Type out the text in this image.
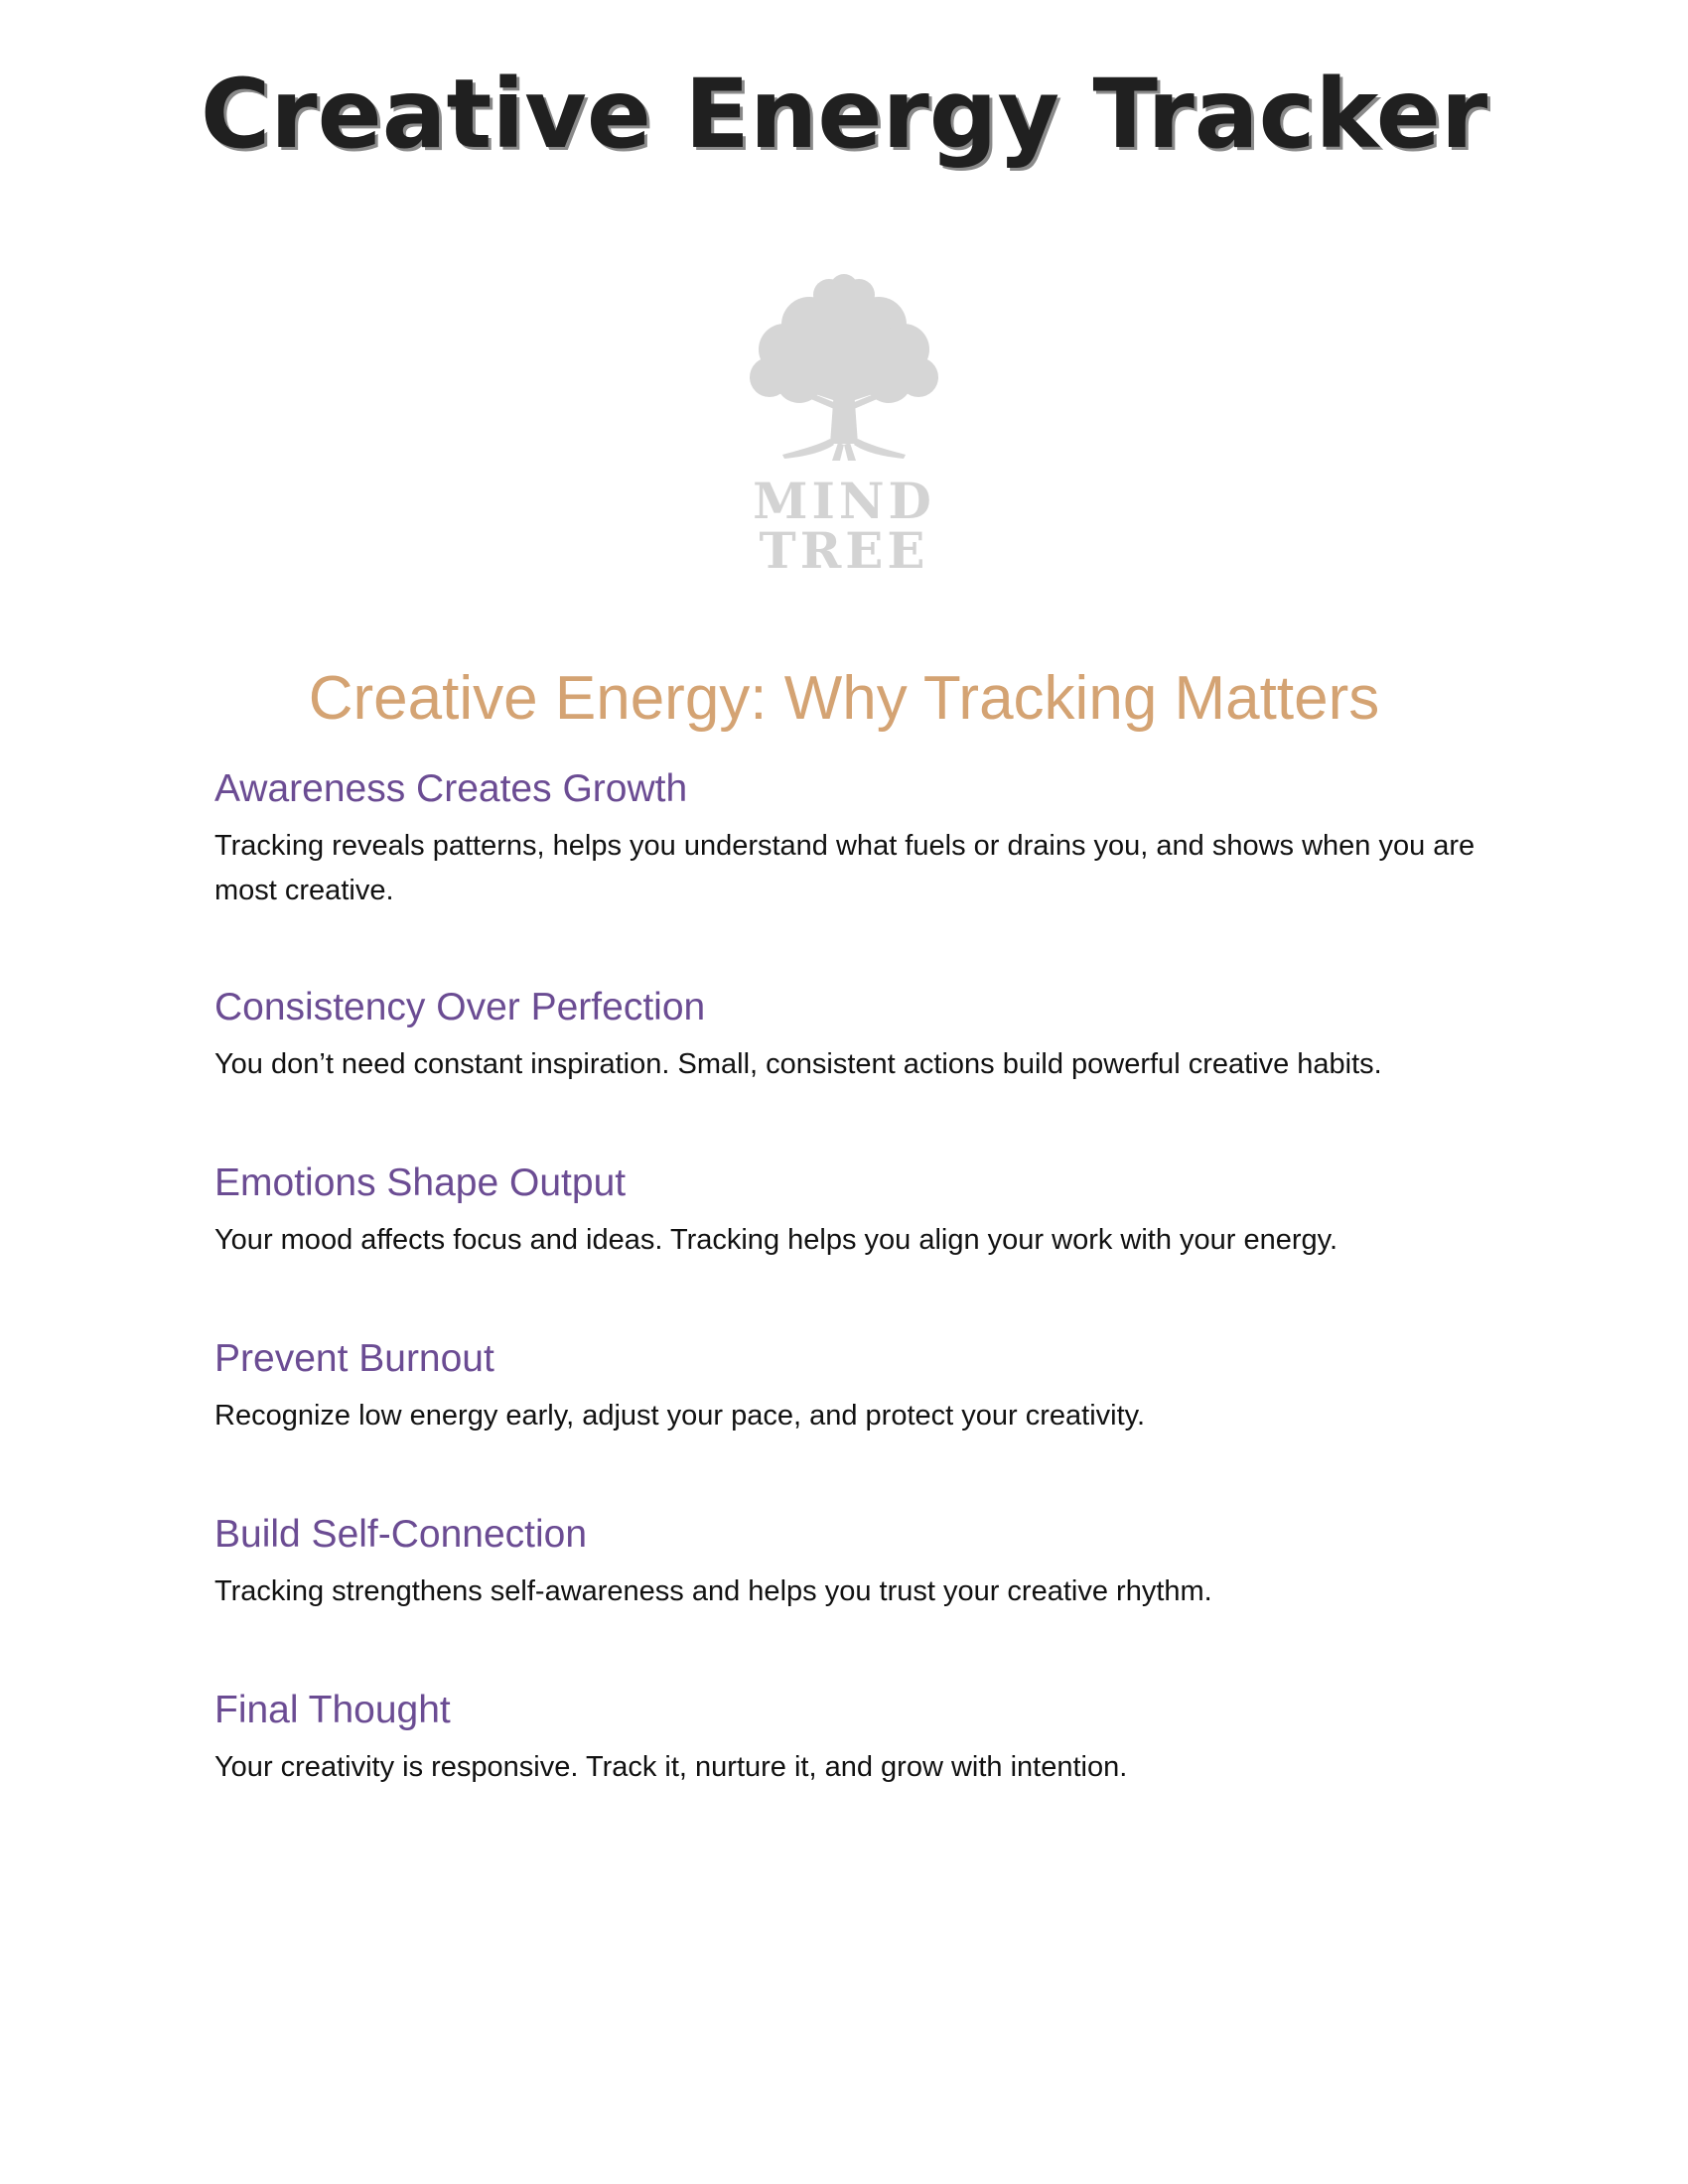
Creative Energy Tracker
MIND
TREE
Creative Energy: Why Tracking Matters
Awareness Creates Growth

Tracking reveals patterns, helps you understand what fuels or drains you, and shows when you are most creative.

Consistency Over Perfection

You don’t need constant inspiration. Small, consistent actions build powerful creative habits.

Emotions Shape Output

Your mood affects focus and ideas. Tracking helps you align your work with your energy.

Prevent Burnout

Recognize low energy early, adjust your pace, and protect your creativity.

Build Self-Connection

Tracking strengthens self-awareness and helps you trust your creative rhythm.

Final Thought

Your creativity is responsive. Track it, nurture it, and grow with intention.
